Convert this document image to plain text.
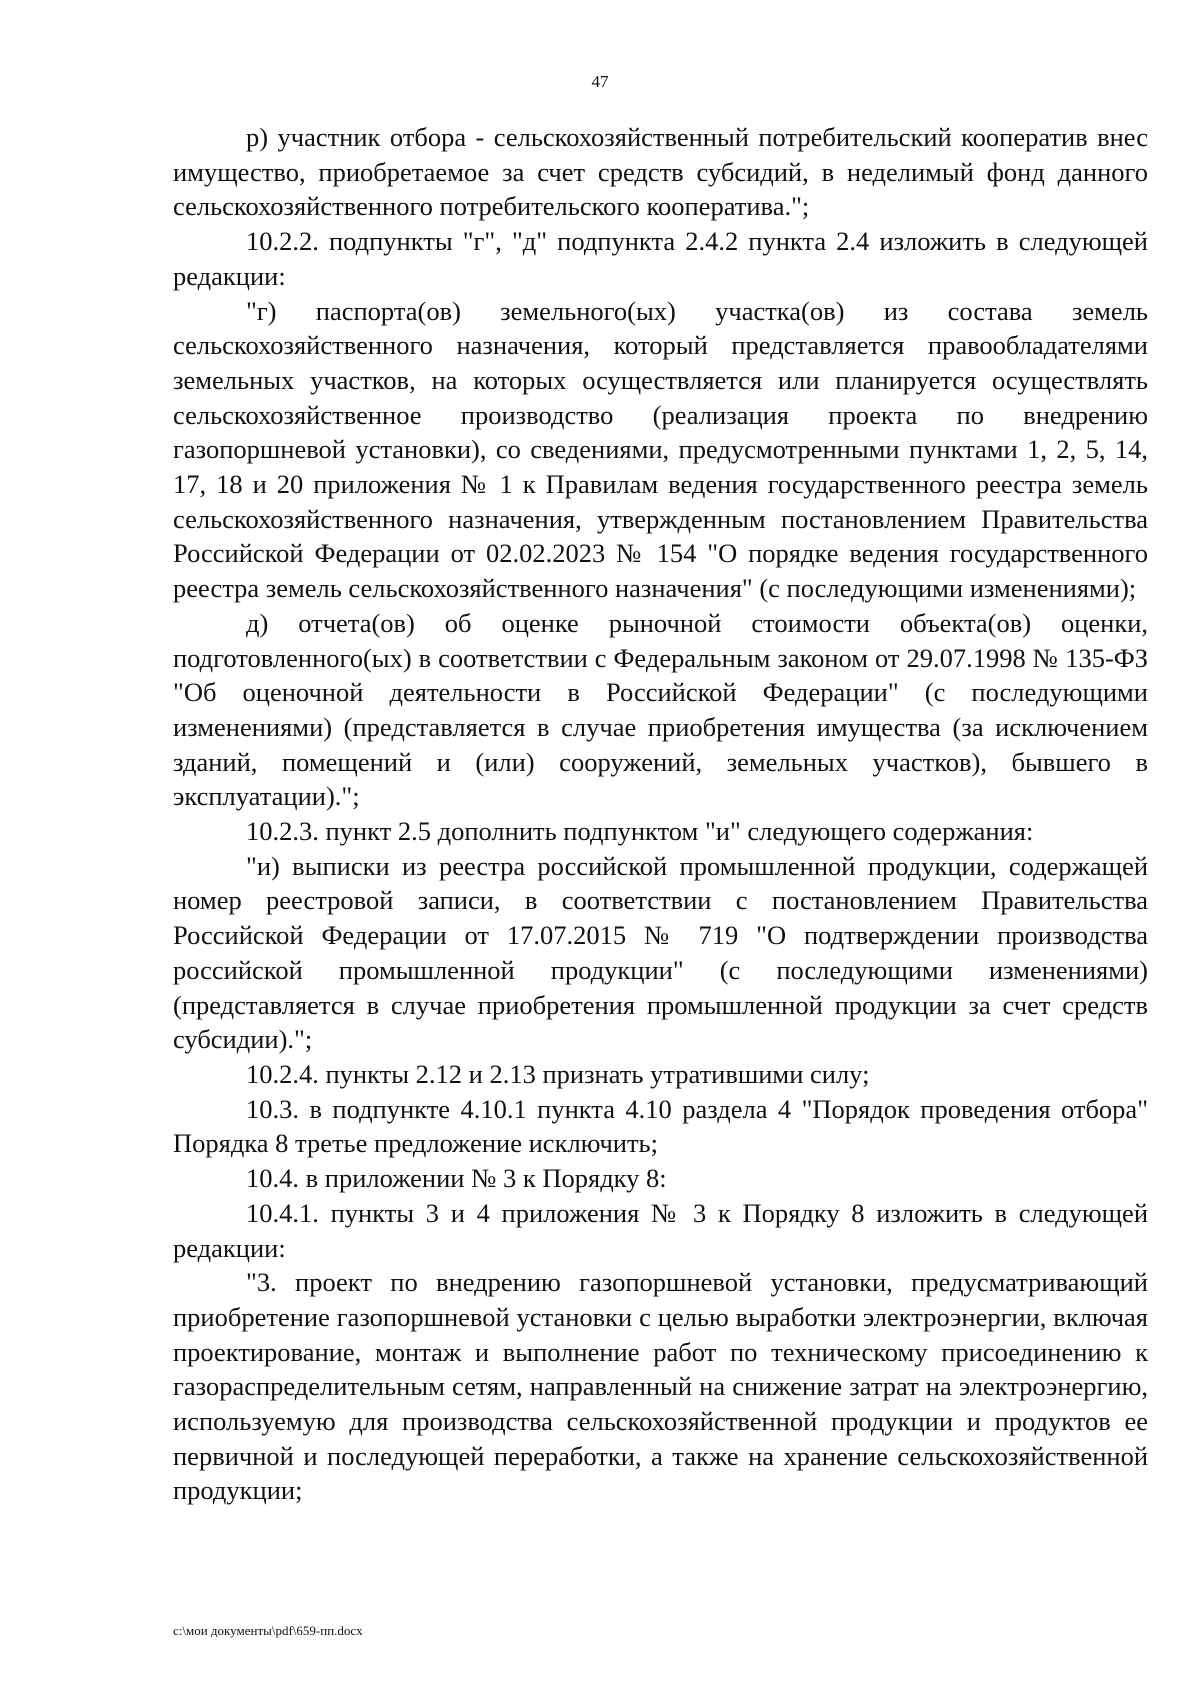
47

р) участник отбора - сельскохозяйственный потребительский кооператив внес имущество, приобретаемое за счет средств субсидий, в неделимый фонд данного сельскохозяйственного потребительского кооператива.";

10.2.2. подпункты "г", "д" подпункта 2.4.2 пункта 2.4 изложить в следующей редакции:

"г) паспорта(ов) земельного(ых) участка(ов) из состава земель сельскохозяйственного назначения, который представляется правообладателями земельных участков, на которых осуществляется или планируется осуществлять сельскохозяйственное производство (реализация проекта по внедрению газопоршневой установки), со сведениями, предусмотренными пунктами 1, 2, 5, 14, 17, 18 и 20 приложения № 1 к Правилам ведения государственного реестра земель сельскохозяйственного назначения, утвержденным постановлением Правительства Российской Федерации от 02.02.2023 № 154 "О порядке ведения государственного реестра земель сельскохозяйственного назначения" (с последующими изменениями);

д) отчета(ов) об оценке рыночной стоимости объекта(ов) оценки, подготовленного(ых) в соответствии с Федеральным законом от 29.07.1998 № 135-ФЗ "Об оценочной деятельности в Российской Федерации" (с последующими изменениями) (представляется в случае приобретения имущества (за исключением зданий, помещений и (или) сооружений, земельных участков), бывшего в эксплуатации).";

10.2.3. пункт 2.5 дополнить подпунктом "и" следующего содержания:

"и) выписки из реестра российской промышленной продукции, содержащей номер реестровой записи, в соответствии с постановлением Правительства Российской Федерации от 17.07.2015 № 719 "О подтверждении производства российской промышленной продукции" (с последующими изменениями) (представляется в случае приобретения промышленной продукции за счет средств субсидии).";

10.2.4. пункты 2.12 и 2.13 признать утратившими силу;

10.3. в подпункте 4.10.1 пункта 4.10 раздела 4 "Порядок проведения отбора" Порядка 8 третье предложение исключить;

10.4. в приложении № 3 к Порядку 8:

10.4.1. пункты 3 и 4 приложения № 3 к Порядку 8 изложить в следующей редакции:

"3. проект по внедрению газопоршневой установки, предусматривающий приобретение газопоршневой установки с целью выработки электроэнергии, включая проектирование, монтаж и выполнение работ по техническому присоединению к газораспределительным сетям, направленный на снижение затрат на электроэнергию, используемую для производства сельскохозяйственной продукции и продуктов ее первичной и последующей переработки, а также на хранение сельскохозяйственной продукции;

c:\мои документы\pdf\659-пп.docx
